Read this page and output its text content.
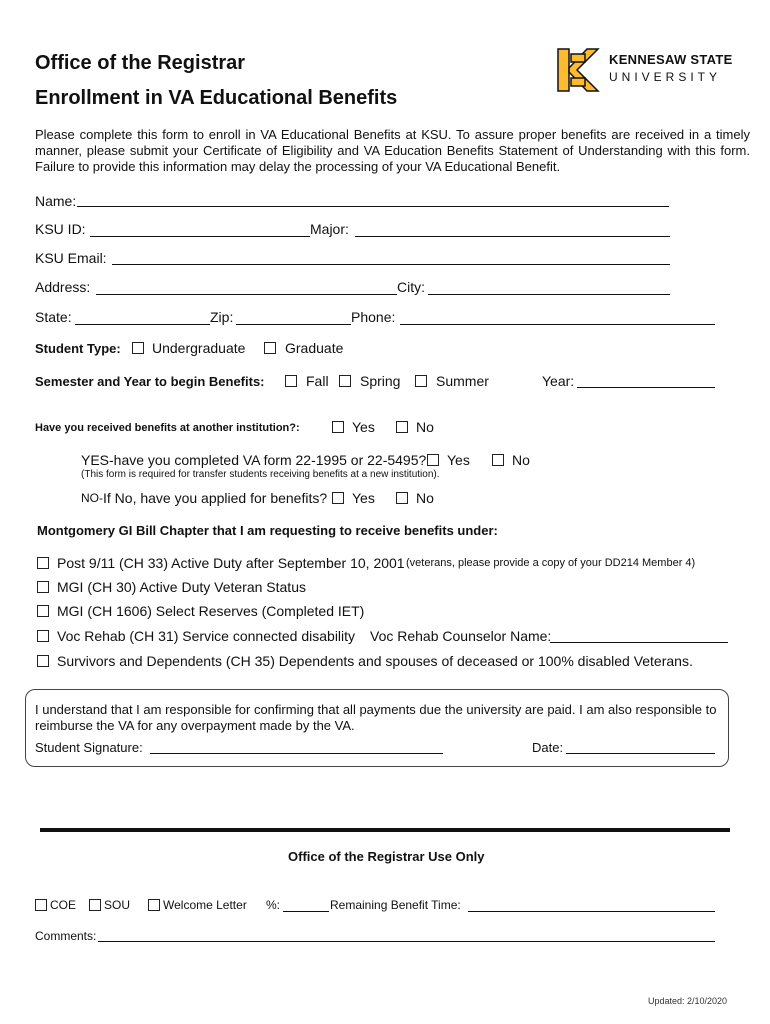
Office of the Registrar
Enrollment in VA Educational Benefits
KENNESAW STATE
UNIVERSITY
Please complete this form to enroll in VA Educational Benefits at KSU. To assure proper benefits are received in a timely manner, please submit your Certificate of Eligibility and VA Education Benefits Statement of Understanding with this form. Failure to provide this information may delay the processing of your VA Educational Benefit.
Name:
KSU ID:	Major:
KSU Email:
Address:	City:
State:	Zip:	Phone:
Student Type: Undergraduate	Graduate
Semester and Year to begin Benefits:	Fall Spring	Summer	Year:
Have you received benefits at another institution?:	Yes	No
YES-have you completed VA form 22-1995 or 22-5495? Yes	No
(This form is required for transfer students receiving benefits at a new institution).
NO- If No, have you applied for benefits? Yes	No
Montgomery GI Bill Chapter that I am requesting to receive benefits under:
Post 9/11 (CH 33) Active Duty after September 10, 2001 (veterans, please provide a copy of your DD214 Member 4)
MGI (CH 30) Active Duty Veteran Status
MGI (CH 1606) Select Reserves (Completed IET)
Voc Rehab (CH 31) Service connected disability Voc Rehab Counselor Name:
Survivors and Dependents (CH 35) Dependents and spouses of deceased or 100% disabled Veterans.
I understand that I am responsible for confirming that all payments due the university are paid. I am also responsible to reimburse the VA for any overpayment made by the VA.
Student Signature:	Date:
Office of the Registrar Use Only
COE SOU	Welcome Letter %:	Remaining Benefit Time:
Comments:
Updated: 2/10/2020
